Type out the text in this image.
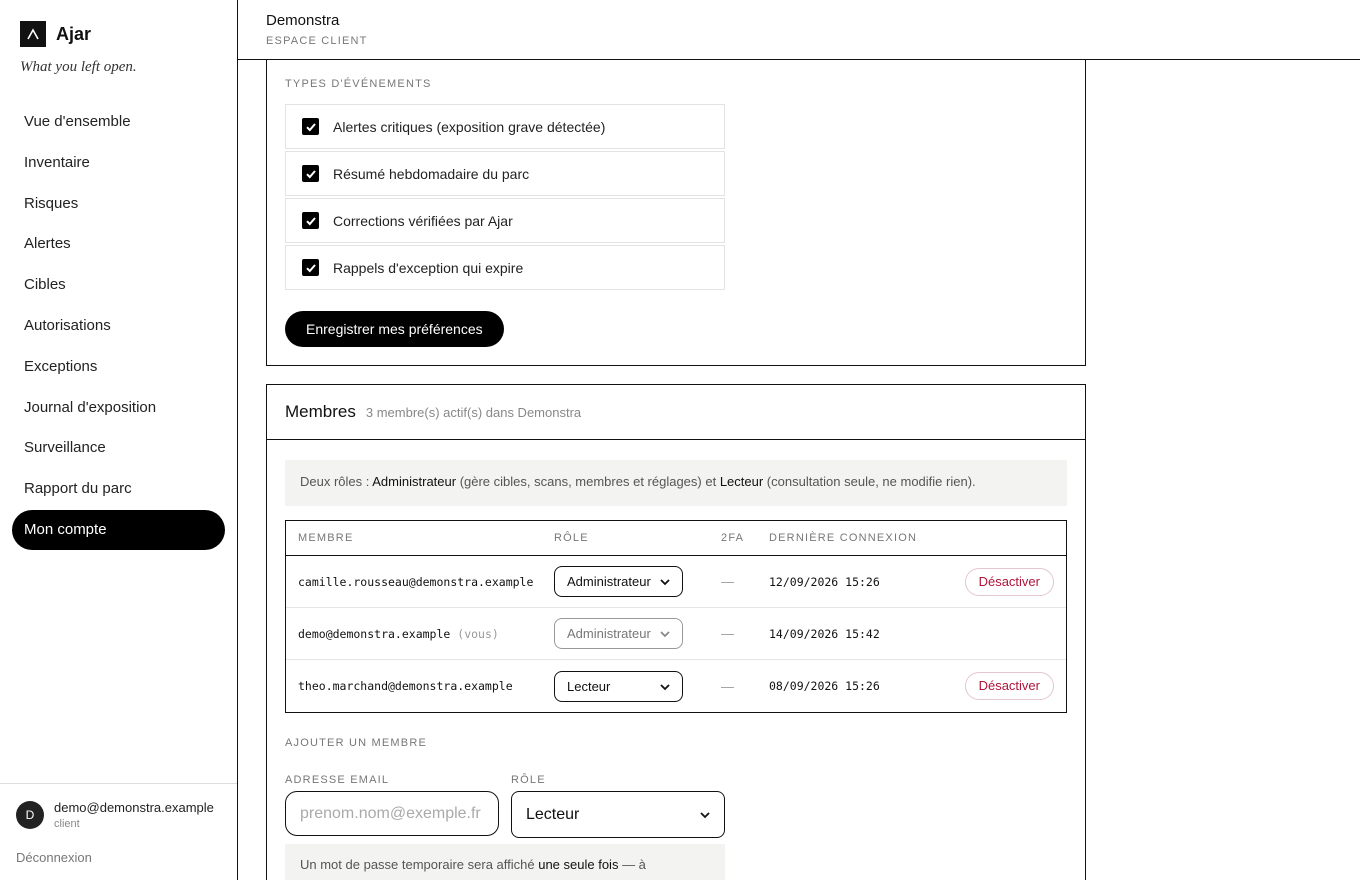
Ajar
What you left open.
Vue d'ensemble
Inventaire
Risques
Alertes
Cibles
Autorisations
Exceptions
Journal d'exposition
Surveillance
Rapport du parc
Mon compte
D	demo@demonstra.example
client
Déconnexion
Demonstra
ESPACE CLIENT
TYPES D'ÉVÉNEMENTS
Alertes critiques (exposition grave détectée)
Résumé hebdomadaire du parc
Corrections vérifiées par Ajar
Rappels d'exception qui expire
Enregistrer mes préférences
Membres 3 membre(s) actif(s) dans Demonstra
Deux rôles : Administrateur (gère cibles, scans, membres et réglages) et Lecteur (consultation seule, ne modifie rien).
MEMBRE	RÔLE	2FA	DERNIÈRE CONNEXION
camille.rousseau@demonstra.example	Administrateur	—	12/09/2026 15:26	Désactiver
demo@demonstra.example (vous)	Administrateur	—	14/09/2026 15:42
theo.marchand@demonstra.example	Lecteur	—	08/09/2026 15:26	Désactiver
AJOUTER UN MEMBRE
ADRESSE EMAIL	RÔLE
prenom.nom@exemple.fr	Lecteur
Un mot de passe temporaire sera affiché une seule fois — à
